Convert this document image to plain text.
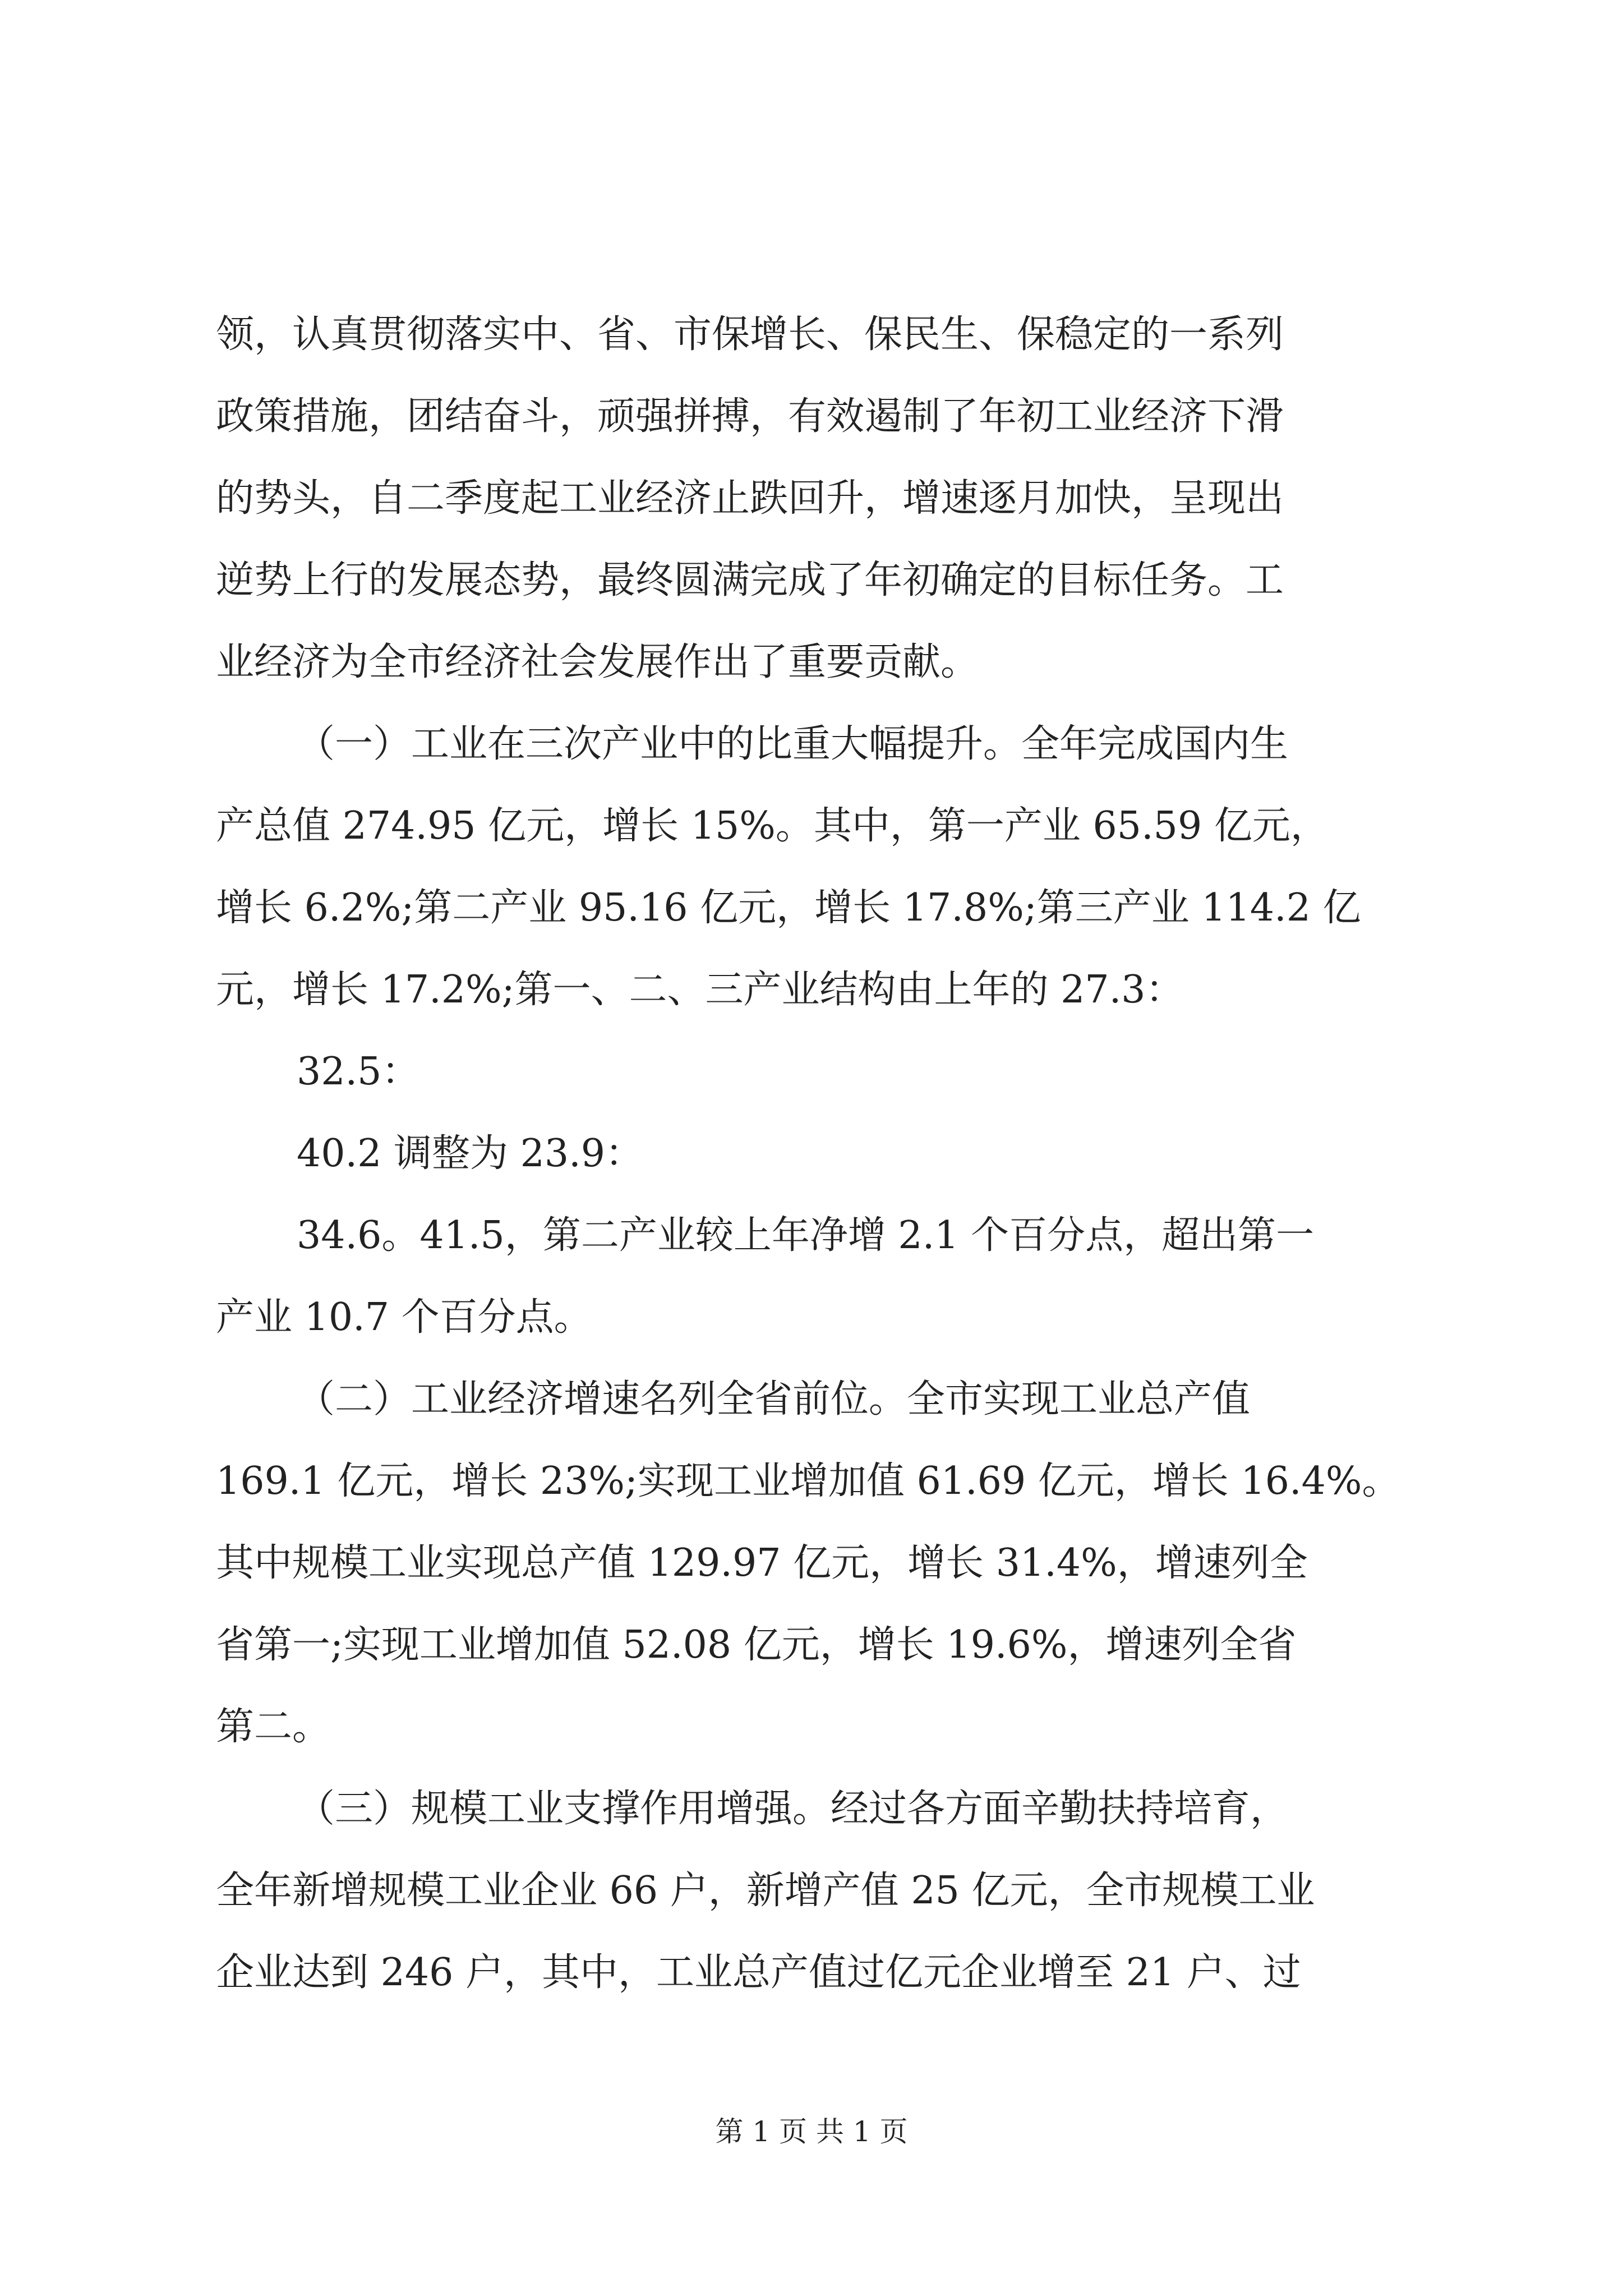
领，认真贯彻落实中、省、市保增长、保民生、保稳定的一系列
政策措施，团结奋斗，顽强拼搏，有效遏制了年初工业经济下滑
的势头，自二季度起工业经济止跌回升，增速逐月加快，呈现出
逆势上行的发展态势，最终圆满完成了年初确定的目标任务。工
业经济为全市经济社会发展作出了重要贡献。
（一）工业在三次产业中的比重大幅提升。全年完成国内生
产总值 274.95 亿元，增长 15%。其中，第一产业 65.59 亿元，
增长 6.2%;第二产业 95.16 亿元，增长 17.8%;第三产业 114.2 亿
元，增长 17.2%;第一、二、三产业结构由上年的 27.3：
32.5：
40.2 调整为 23.9：
34.6。41.5，第二产业较上年净增 2.1 个百分点，超出第一
产业 10.7 个百分点。
（二）工业经济增速名列全省前位。全市实现工业总产值
169.1 亿元，增长 23%;实现工业增加值 61.69 亿元，增长 16.4%。
其中规模工业实现总产值 129.97 亿元，增长 31.4%，增速列全
省第一;实现工业增加值 52.08 亿元，增长 19.6%，增速列全省
第二。
（三）规模工业支撑作用增强。经过各方面辛勤扶持培育，
全年新增规模工业企业 66 户，新增产值 25 亿元，全市规模工业
企业达到 246 户，其中，工业总产值过亿元企业增至 21 户、过
第 1 页 共 1 页
